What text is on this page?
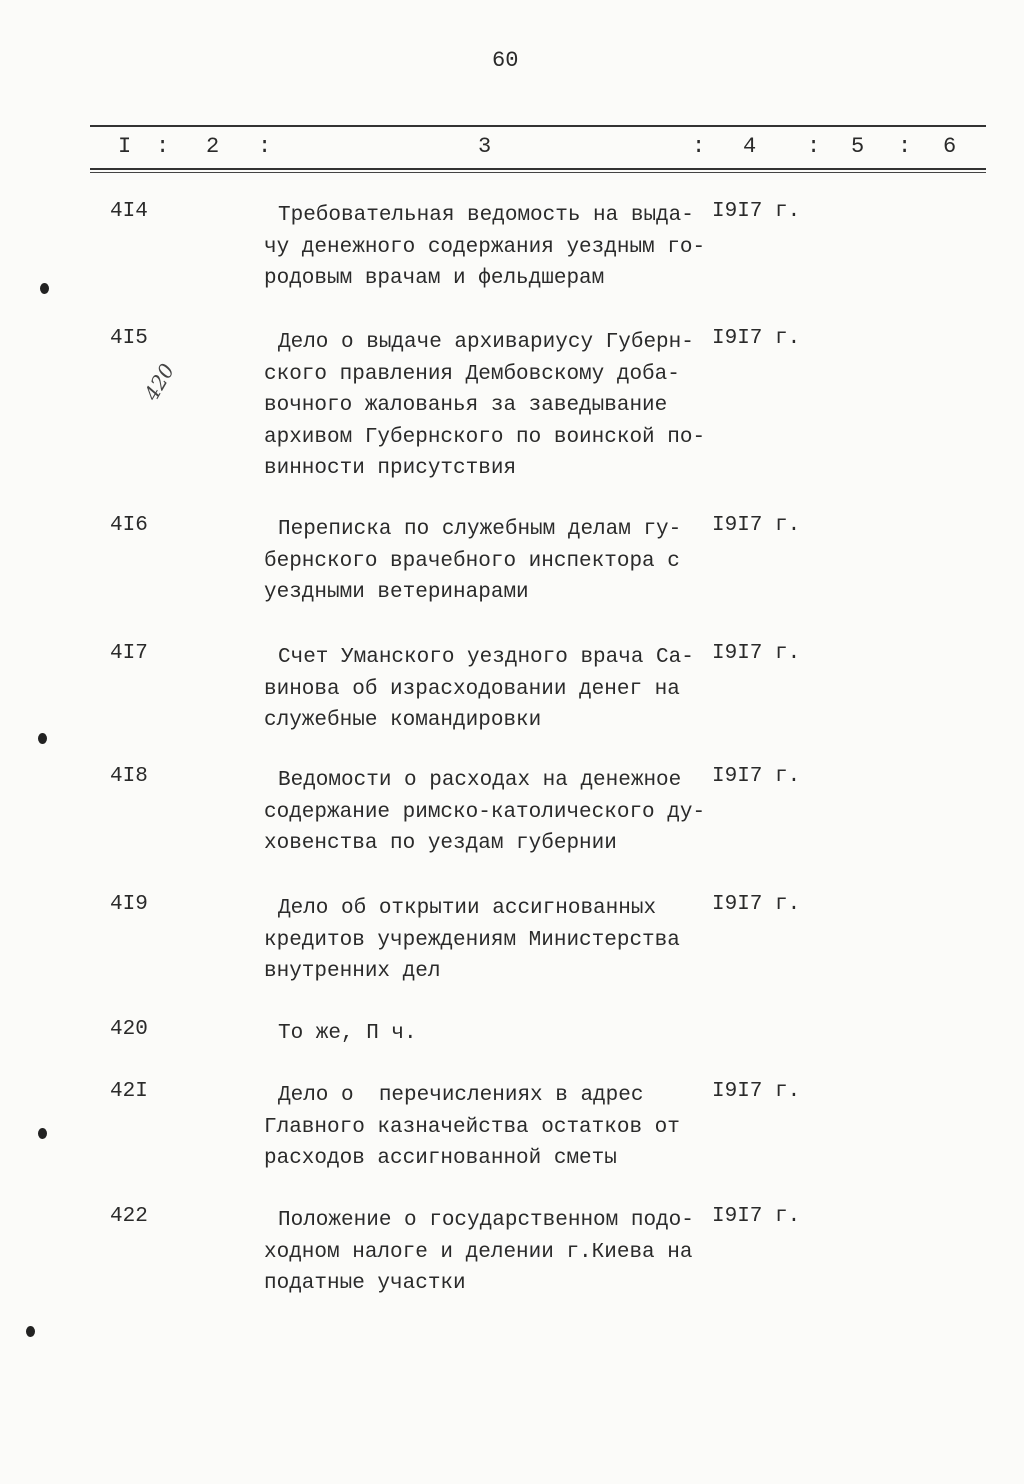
60
I : 2 :	3	: 4 : 5 : 6
4I4	Требовательная ведомость на выда-
чу денежного содержания уездным го-
родовым врачам и фельдшерам
I9I7 г.
4I5	Дело о выдаче архивариусу Губерн-
ского правления Дембовскому доба-
вочного жалованья за заведывание
архивом Губернского по воинской по-
винности присутствия
I9I7 г.
4I6	Переписка по служебным делам гу-
бернского врачебного инспектора с
уездными ветеринарами
I9I7 г.
4I7	Счет Уманского уездного врача Са-
винова об израсходовании денег на
служебные командировки
I9I7 г.
4I8	Ведомости о расходах на денежное
содержание римско-католического ду-
ховенства по уездам губернии
I9I7 г.
4I9	Дело об открытии ассигнованных
кредитов учреждениям Министерства
внутренних дел
I9I7 г.
420	То же, П ч.
42I	Дело о  перечислениях в адрес
Главного казначейства остатков от
расходов ассигнованной сметы
I9I7 г.
422	Положение о государственном подо-
ходном налоге и делении г.Киева на
податные участки
I9I7 г.
420
